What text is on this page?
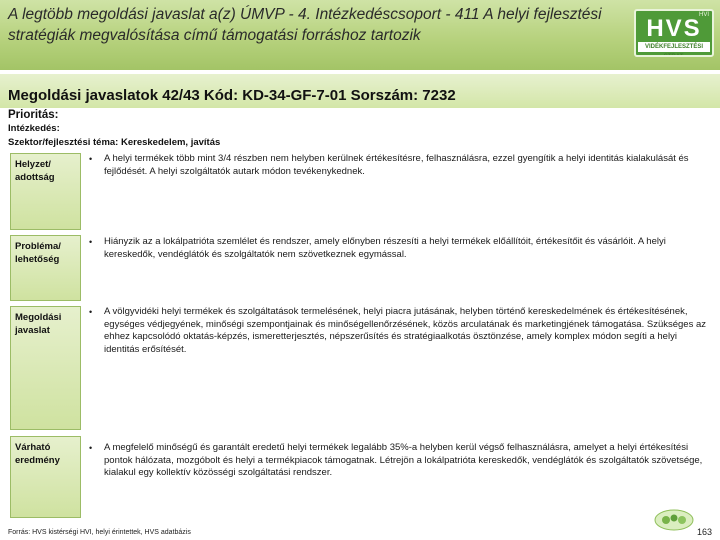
A legtöbb megoldási javaslat a(z) ÚMVP - 4. Intézkedéscsoport - 411 A helyi fejlesztési stratégiák megvalósítása című támogatási forráshoz tartozik
HVI
HVS
VIDÉKFEJLESZTÉSI STRAT.
Megoldási javaslatok 42/43 Kód: KD-34-GF-7-01 Sorszám: 7232
Prioritás:
Intézkedés:
Szektor/fejlesztési téma: Kereskedelem, javítás
Helyzet/ adottság
•	A helyi termékek több mint 3/4 részben nem helyben kerülnek értékesítésre, felhasználásra, ezzel gyengítik a helyi identitás kialakulását és fejlődését. A helyi szolgáltatók autark módon tevékenykednek.
Probléma/ lehetőség
•	Hiányzik az a lokálpatrióta szemlélet és rendszer, amely előnyben részesíti a helyi termékek előállítóit, értékesítőit és vásárlóit. A helyi kereskedők, vendéglátók és szolgáltatók nem szövetkeznek egymással.
Megoldási javaslat
•	A völgyvidéki helyi termékek és szolgáltatások termelésének, helyi piacra jutásának, helyben történő kereskedelmének és értékesítésének, egységes védjegyének, minőségi szempontjainak és minőségellenőrzésének, közös arculatának és marketingjének támogatása. Szükséges az ehhez kapcsolódó oktatás-képzés, ismeretterjesztés, népszerűsítés és stratégiaalkotás ösztönzése, amely komplex módon segíti a helyi identitás erősítését.
Várható eredmény
•	A megfelelő minőségű és garantált eredetű helyi termékek legalább 35%-a helyben kerül végső felhasználásra, amelyet a helyi értékesítési pontok hálózata, mozgóbolt és helyi a termékpiacok támogatnak. Létrejön a lokálpatrióta kereskedők, vendéglátók és szolgáltatók szövetsége, kialakul egy kollektív közösségi szolgáltatási rendszer.
Forrás: HVS kistérségi HVI, helyi érintettek, HVS adatbázis	163
